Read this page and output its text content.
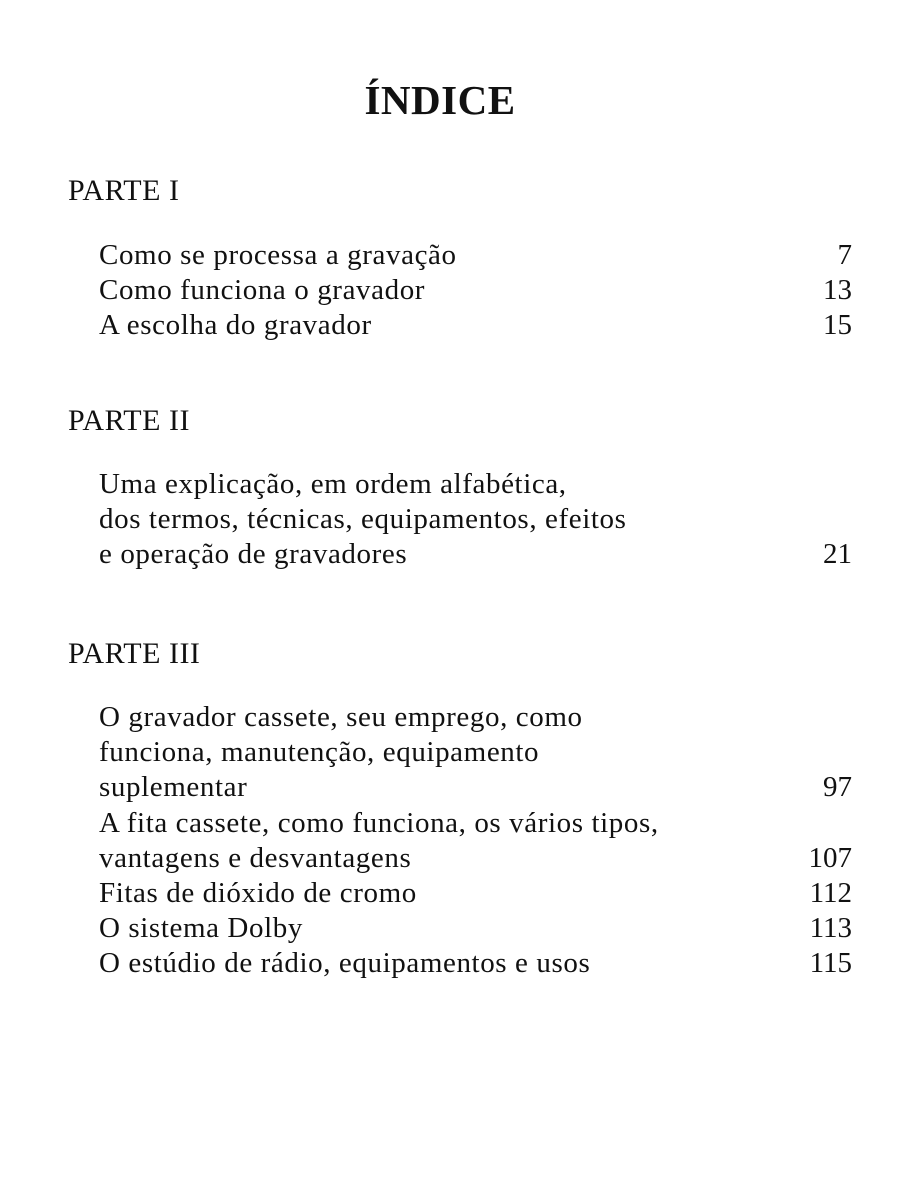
ÍNDICE
PARTE I
Como se processa a gravação	7
Como funciona o gravador	13
A escolha do gravador	15
PARTE II
Uma explicação, em ordem alfabética,
dos termos, técnicas, equipamentos, efeitos
e operação de gravadores	21
PARTE III
O gravador cassete, seu emprego, como
funciona, manutenção, equipamento
suplementar	97
A fita cassete, como funciona, os vários tipos,
vantagens e desvantagens	107
Fitas de dióxido de cromo	112
O sistema Dolby	113
O estúdio de rádio, equipamentos e usos	115
